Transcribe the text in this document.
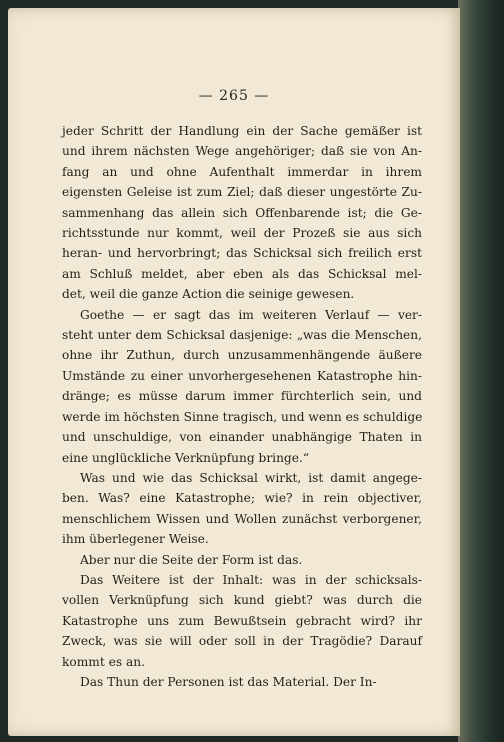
— 265 —
jeder Schritt der Handlung ein der Sache gemäßer ist
und ihrem nächsten Wege angehöriger; daß sie von An-
fang an und ohne Aufenthalt immerdar in ihrem
eigensten Geleise ist zum Ziel; daß dieser ungestörte Zu-
sammenhang das allein sich Offenbarende ist; die Ge-
richtsstunde nur kommt, weil der Prozeß sie aus sich
heran- und hervorbringt; das Schicksal sich freilich erst
am Schluß meldet, aber eben als das Schicksal mel-
det, weil die ganze Action die seinige gewesen.
Goethe — er sagt das im weiteren Verlauf — ver-
steht unter dem Schicksal dasjenige: „was die Menschen,
ohne ihr Zuthun, durch unzusammenhängende äußere
Umstände zu einer unvorhergesehenen Katastrophe hin-
dränge; es müsse darum immer fürchterlich sein, und
werde im höchsten Sinne tragisch, und wenn es schuldige
und unschuldige, von einander unabhängige Thaten in
eine unglückliche Verknüpfung bringe.“
Was und wie das Schicksal wirkt, ist damit angege-
ben. Was? eine Katastrophe; wie? in rein objectiver,
menschlichem Wissen und Wollen zunächst verborgener,
ihm überlegener Weise.
Aber nur die Seite der Form ist das.
Das Weitere ist der Inhalt: was in der schicksals-
vollen Verknüpfung sich kund giebt? was durch die
Katastrophe uns zum Bewußtsein gebracht wird? ihr
Zweck, was sie will oder soll in der Tragödie? Darauf
kommt es an.
Das Thun der Personen ist das Material. Der In-
